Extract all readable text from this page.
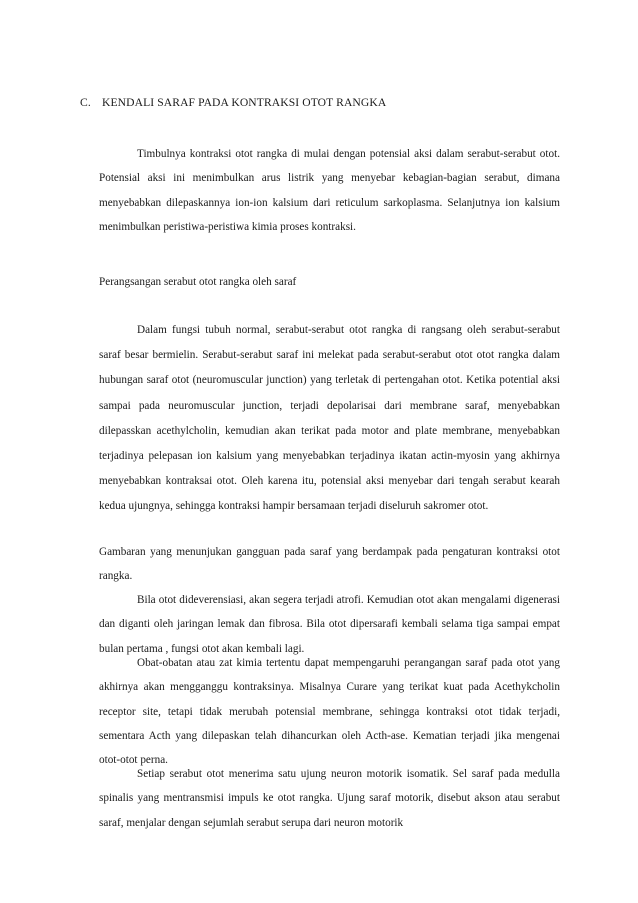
C. KENDALI SARAF PADA KONTRAKSI OTOT RANGKA

Timbulnya kontraksi otot rangka di mulai dengan potensial aksi dalam serabut-serabut otot. Potensial aksi ini menimbulkan arus listrik yang menyebar kebagian-bagian serabut, dimana menyebabkan dilepaskannya ion-ion kalsium dari reticulum sarkoplasma. Selanjutnya ion kalsium menimbulkan peristiwa-peristiwa kimia proses kontraksi.

Perangsangan serabut otot rangka oleh saraf

Dalam fungsi tubuh normal, serabut-serabut otot rangka di rangsang oleh serabut-serabut saraf besar bermielin. Serabut-serabut saraf ini melekat pada serabut-serabut otot otot rangka dalam hubungan saraf otot (neuromuscular junction) yang terletak di pertengahan otot. Ketika potential aksi sampai pada neuromuscular junction, terjadi depolarisai dari membrane saraf, menyebabkan dilepasskan acethylcholin, kemudian akan terikat pada motor and plate membrane, menyebabkan terjadinya pelepasan ion kalsium yang menyebabkan terjadinya ikatan actin-myosin yang akhirnya menyebabkan kontraksai otot. Oleh karena itu, potensial aksi menyebar dari tengah serabut kearah kedua ujungnya, sehingga kontraksi hampir bersamaan terjadi diseluruh sakromer otot.

Gambaran yang menunjukan gangguan pada saraf yang berdampak pada pengaturan kontraksi otot rangka.

Bila otot dideverensiasi, akan segera terjadi atrofi. Kemudian otot akan mengalami digenerasi dan diganti oleh jaringan lemak dan fibrosa. Bila otot dipersarafi kembali selama tiga sampai empat bulan pertama , fungsi otot akan kembali lagi.

Obat-obatan atau zat kimia tertentu dapat mempengaruhi perangangan saraf pada otot yang akhirnya akan mengganggu kontraksinya. Misalnya Curare yang terikat kuat pada Acethykcholin receptor site, tetapi tidak merubah potensial membrane, sehingga kontraksi otot tidak terjadi, sementara Acth yang dilepaskan telah dihancurkan oleh Acth-ase. Kematian terjadi jika mengenai otot-otot perna.

Setiap serabut otot menerima satu ujung neuron motorik isomatik. Sel saraf pada medulla spinalis yang mentransmisi impuls ke otot rangka. Ujung saraf motorik, disebut akson atau serabut saraf, menjalar dengan sejumlah serabut serupa dari neuron motorik
